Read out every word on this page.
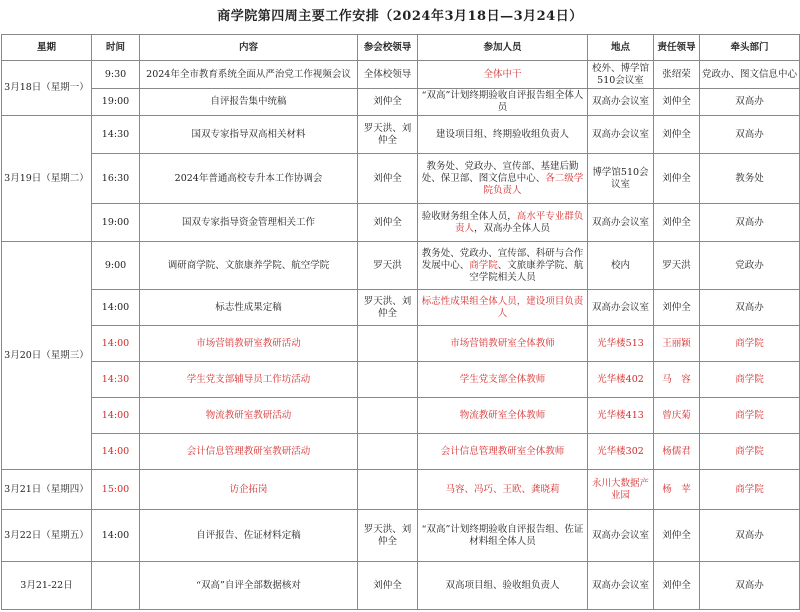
商学院第四周主要工作安排（2024年3月18日—3月24日）
星期	时间	内容	参会校领导	参加人员	地点	责任领导	牵头部门
3月18日（星期一）	9:30	2024年全市教育系统全面从严治党工作视频会议	全体校领导	全体中干	校外、博学馆510会议室	张绍荣	党政办、图文信息中心
	19:00	自评报告集中统稿	刘仲全	“双高”计划终期验收自评报告组全体人员	双高办会议室	刘仲全	双高办
3月19日（星期二）	14:30	国双专家指导双高相关材料	罗天洪、刘仲全	建设项目组、终期验收组负责人	双高办会议室	刘仲全	双高办
	16:30	2024年普通高校专升本工作协调会	刘仲全	教务处、党政办、宣传部、基建后勤处、保卫部、图文信息中心、各二级学院负责人	博学馆510会议室	刘仲全	教务处
	19:00	国双专家指导资金管理相关工作	刘仲全	验收财务组全体人员，高水平专业群负责人，双高办全体人员	双高办会议室	刘仲全	双高办
3月20日（星期三）	9:00	调研商学院、文旅康养学院、航空学院	罗天洪	教务处、党政办、宣传部、科研与合作发展中心、商学院、文旅康养学院、航空学院相关人员	校内	罗天洪	党政办
	14:00	标志性成果定稿	罗天洪、刘仲全	标志性成果组全体人员，建设项目负责人	双高办会议室	刘仲全	双高办
	14:00	市场营销教研室教研活动		市场营销教研室全体教师	光华楼513	王丽颖	商学院
	14:30	学生党支部辅导员工作坊活动		学生党支部全体教师	光华楼402	马　容	商学院
	14:00	物流教研室教研活动		物流教研室全体教师	光华楼413	曾庆菊	商学院
	14:00	会计信息管理教研室教研活动		会计信息管理教研室全体教师	光华楼302	杨儒君	商学院
3月21日（星期四）	15:00	访企拓岗		马容、冯巧、王欧、龚晓莉	永川大数据产业园	杨　苹	商学院
3月22日（星期五）	14:00	自评报告、佐证材料定稿	罗天洪、刘仲全	“双高”计划终期验收自评报告组、佐证材料组全体人员	双高办会议室	刘仲全	双高办
3月21-22日		“双高”自评全部数据核对	刘仲全	双高项目组、验收组负责人	双高办会议室	刘仲全	双高办
